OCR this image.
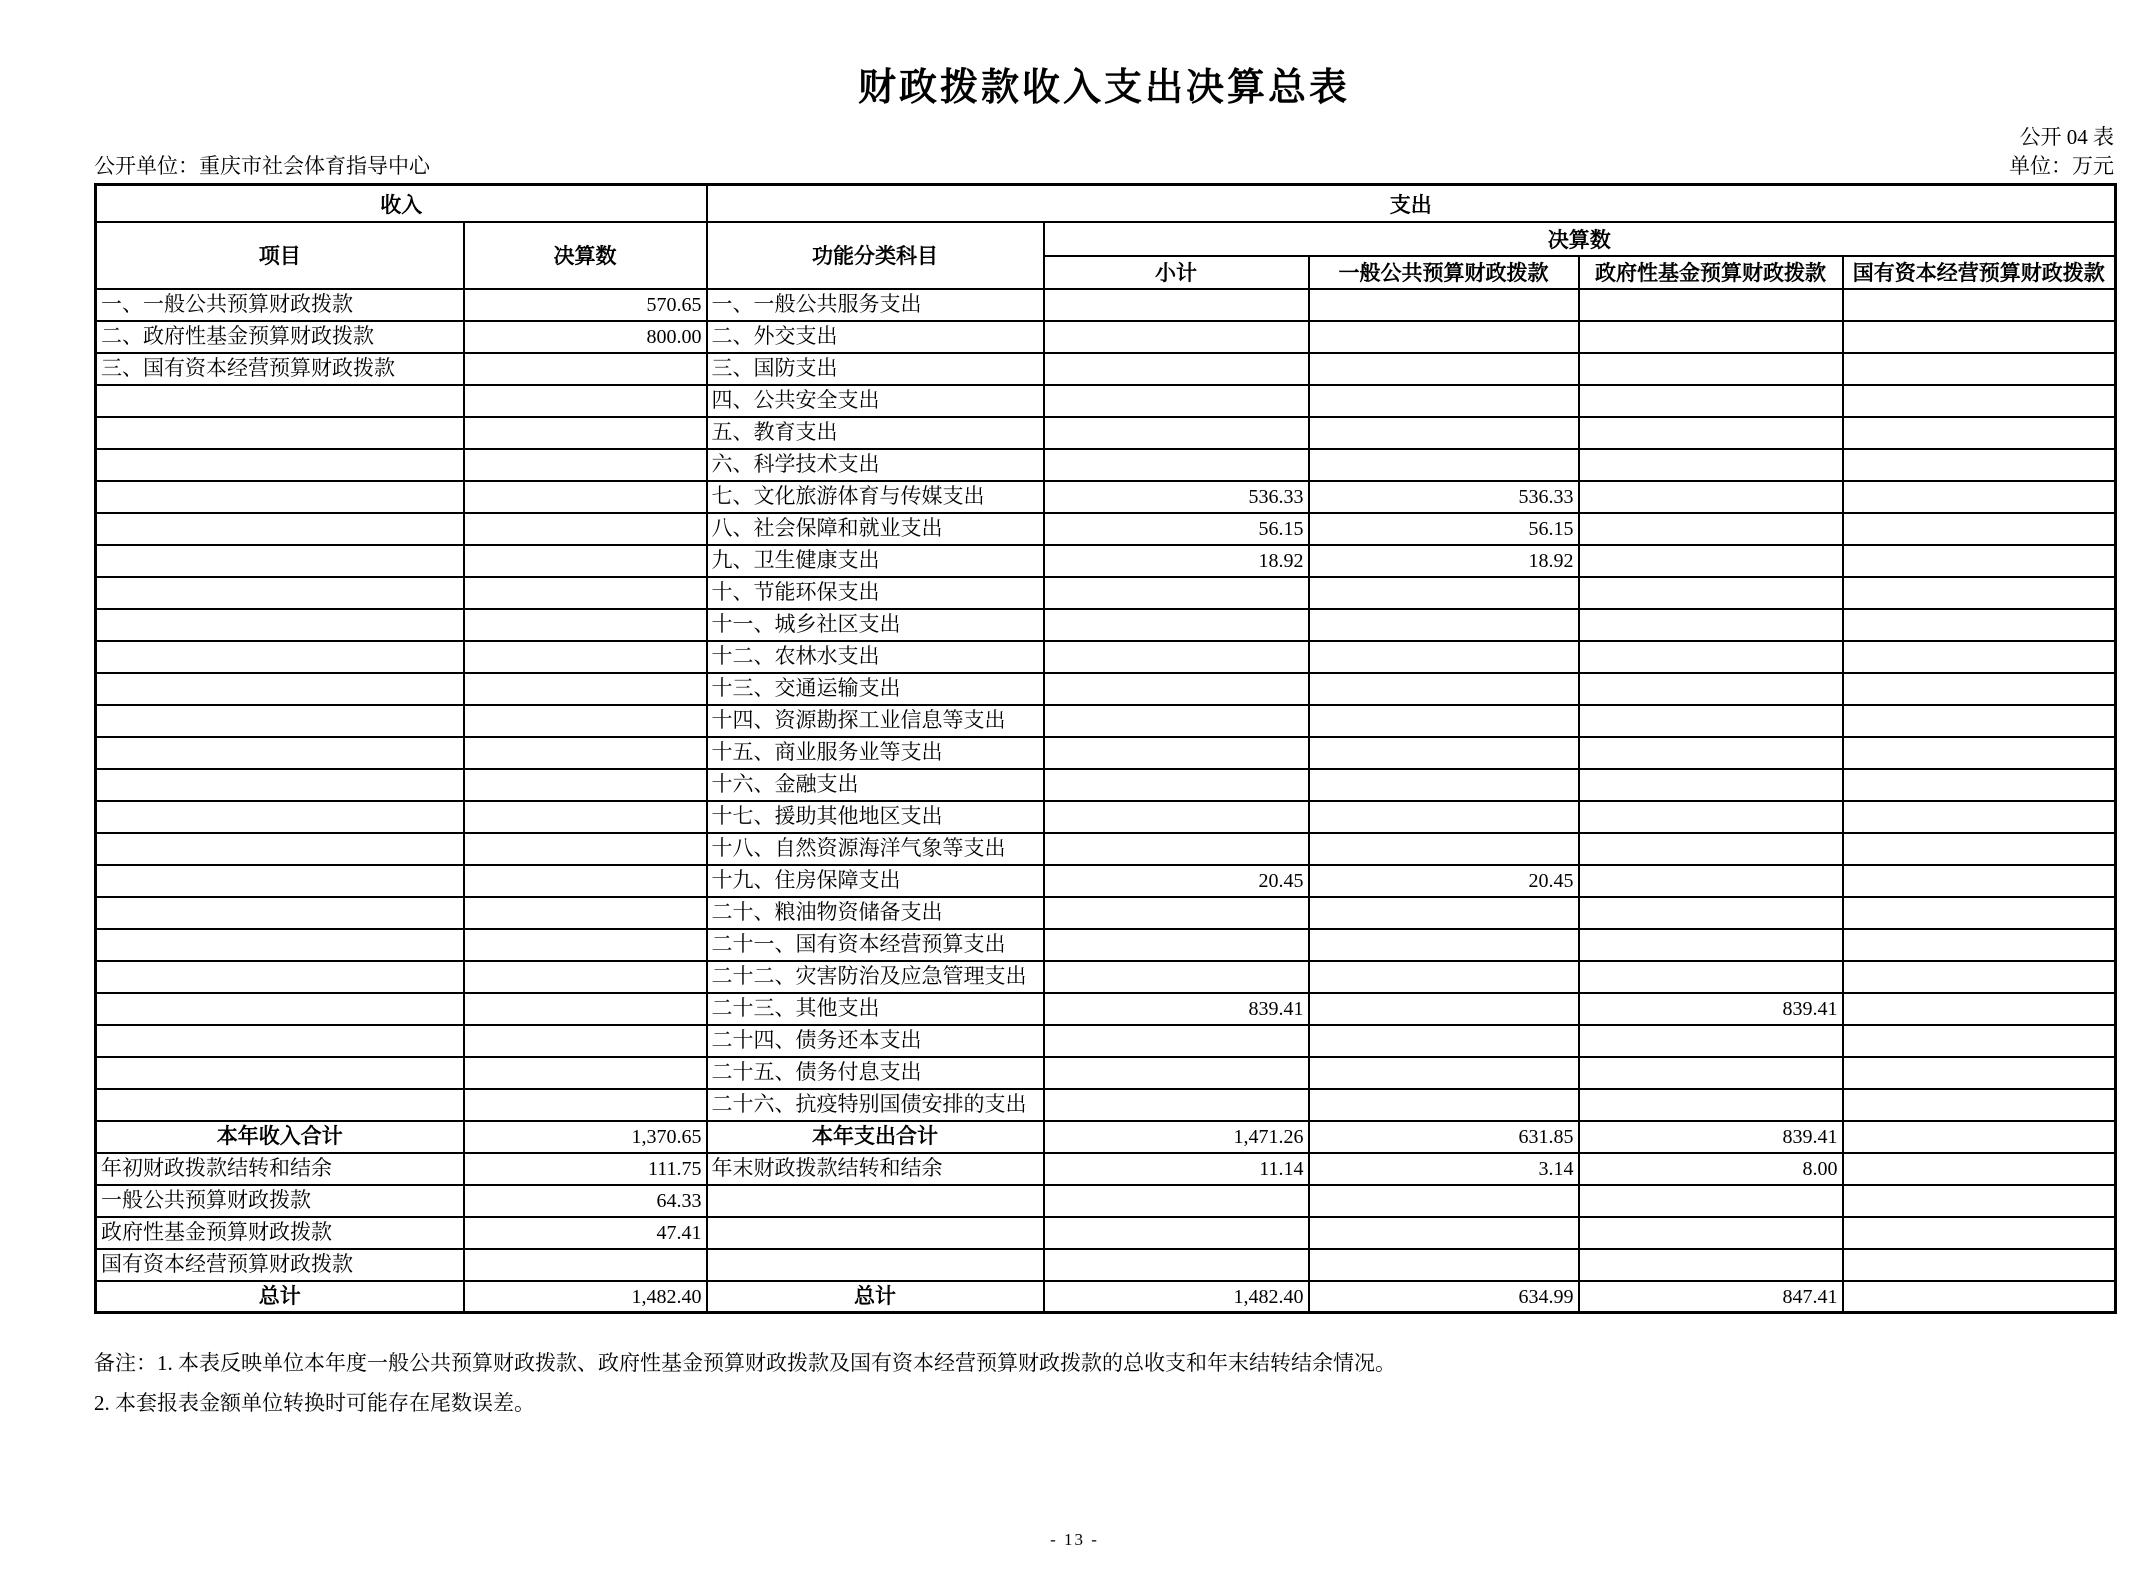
财政拨款收入支出决算总表
公开 04 表
公开单位：重庆市社会体育指导中心	单位：万元
收入		支出				
项目	决算数	功能分类科目	决算数			
			小计	一般公共预算财政拨款	政府性基金预算财政拨款	国有资本经营预算财政拨款
一、一般公共预算财政拨款	570.65	一、一般公共服务支出				
二、政府性基金预算财政拨款	800.00	二、外交支出				
三、国有资本经营预算财政拨款		三、国防支出				
		四、公共安全支出				
		五、教育支出				
		六、科学技术支出				
		七、文化旅游体育与传媒支出	536.33	536.33		
		八、社会保障和就业支出	56.15	56.15		
		九、卫生健康支出	18.92	18.92		
		十、节能环保支出				
		十一、城乡社区支出				
		十二、农林水支出				
		十三、交通运输支出				
		十四、资源勘探工业信息等支出				
		十五、商业服务业等支出				
		十六、金融支出				
		十七、援助其他地区支出				
		十八、自然资源海洋气象等支出				
		十九、住房保障支出	20.45	20.45		
		二十、粮油物资储备支出				
		二十一、国有资本经营预算支出				
		二十二、灾害防治及应急管理支出				
		二十三、其他支出	839.41		839.41	
		二十四、债务还本支出				
		二十五、债务付息支出				
		二十六、抗疫特别国债安排的支出				
本年收入合计	1,370.65	本年支出合计	1,471.26	631.85	839.41	
年初财政拨款结转和结余	111.75	年末财政拨款结转和结余	11.14	3.14	8.00	
一般公共预算财政拨款	64.33					
政府性基金预算财政拨款	47.41					
国有资本经营预算财政拨款						
总计	1,482.40	总计	1,482.40	634.99	847.41	
备注：1. 本表反映单位本年度一般公共预算财政拨款、政府性基金预算财政拨款及国有资本经营预算财政拨款的总收支和年末结转结余情况。
2. 本套报表金额单位转换时可能存在尾数误差。
- 13 -
